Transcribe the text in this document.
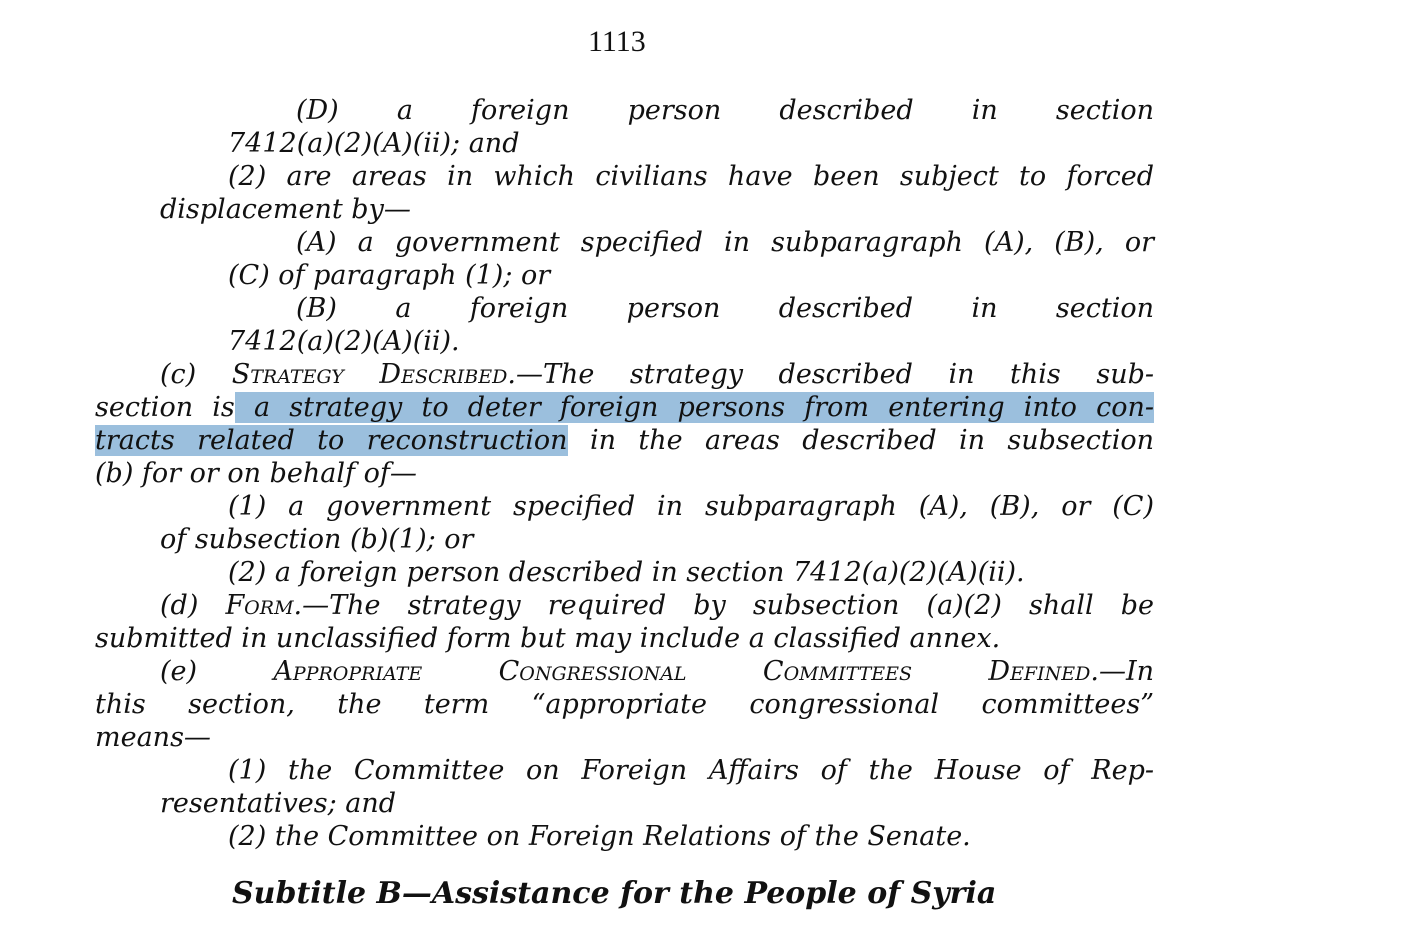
1113
(D) a foreign person described in section
7412(a)(2)(A)(ii); and
(2) are areas in which civilians have been subject to forced
displacement by—
(A) a government specified in subparagraph (A), (B), or
(C) of paragraph (1); or
(B) a foreign person described in section
7412(a)(2)(A)(ii).
(c) Strategy Described.—The strategy described in this sub-
section is a strategy to deter foreign persons from entering into con-
tracts related to reconstruction in the areas described in subsection
(b) for or on behalf of—
(1) a government specified in subparagraph (A), (B), or (C)
of subsection (b)(1); or
(2) a foreign person described in section 7412(a)(2)(A)(ii).
(d) Form.—The strategy required by subsection (a)(2) shall be
submitted in unclassified form but may include a classified annex.
(e) Appropriate Congressional Committees Defined.—In
this section, the term “appropriate congressional committees”
means—
(1) the Committee on Foreign Affairs of the House of Rep-
resentatives; and
(2) the Committee on Foreign Relations of the Senate.
Subtitle B—Assistance for the People of Syria
